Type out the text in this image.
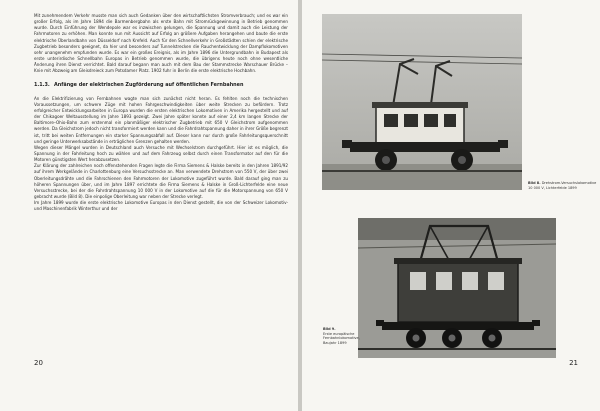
Mit zunehmendem Verkehr musste man sich auch Gedanken über den wirtschaftlichsten Stromverbrauch; und es war ein großer Erfolg, als im Jahre 1894 die Barmenbergbahn als erste Bahn mit Stromrückgewinnung in Betrieb genommen wurde. Durch Einführung der Wendepole war es inzwischen gelungen, die Spannung und damit auch die Leistung der Fahrmotoren zu erhöhen. Man konnte nun mit Aussicht auf Erfolg an größere Aufgaben herangehen und baute die erste elektrische Überlandbahn von Düsseldorf nach Krefeld. Auch für den Schnellverkehr in Großstädten schien der elektrische Zugbetrieb besonders geeignet, da hier und besonders auf Tunnelstrecken die Rauchentwicklung der Dampflokomotiven sehr unangenehm empfunden wurde. Es war ein großes Ereignis, als im Jahre 1896 die Untergrundbahn in Budapest als erste unterirdische Schnellbahn Europas in Betrieb genommen wurde, die übrigens heute noch ohne wesentliche Änderung ihren Dienst verrichtet. Bald darauf begann man auch mit dem Bau der Stammstrecke Warschauer Brücke – Knie mit Abzweig am Gleisdreieck zum Potsdamer Platz. 1902 fuhr in Berlin die erste elektrische Hochbahn.

1.1.3. Anfänge der elektrischen Zugförderung auf öffentlichen Fernbahnen

An die Elektrifizierung von Fernbahnen wagte man sich zunächst nicht heran. Es fehlten noch die technischen Voraussetzungen, um schwere Züge mit hohen Fahrgeschwindigkeiten über weite Strecken zu befördern. Trotz erfolgreicher Entwicklungsarbeiten in Europa wurden die ersten elektrischen Lokomotiven in Amerika hergestellt und auf der Chikagoer Weltausstellung im Jahre 1893 gezeigt. Zwei Jahre später konnte auf einer 2,4 km langen Strecke der Baltimore–Ohio-Bahn zum erstenmal ein planmäßiger elektrischer Zugbetrieb mit 650 V Gleichstrom aufgenommen werden. Da Gleichstrom jedoch nicht transformiert werden kann und die Fahrdrahtspannung daher in ihrer Größe begrenzt ist, tritt bei weiten Entfernungen ein starker Spannungsabfall auf. Dieser kann nur durch große Fahrleitungsquerschnitt und geringe Unterwerksabstände in erträglichen Grenzen gehalten werden.

Wegen dieser Mängel wurden in Deutschland auch Versuche mit Wechselstrom durchgeführt. Hier ist es möglich, die Spannung in der Fahrleitung hoch zu wählen und auf dem Fahrzeug selbst durch einen Transformator auf den für die Motoren günstigsten Wert herabzusetzen.

Zur Klärung der zahlreichen noch offenstehenden Fragen legte die Firma Siemens & Halske bereits in den Jahren 1891/92 auf ihrem Werkgelände in Charlottenburg eine Versuchsstrecke an. Man verwendete Drehstrom von 550 V, der über zwei Oberleitungsdrähte und die Fahrschienen den Fahrmotoren der Lokomotive zugeführt wurde. Bald darauf ging man zu höheren Spannungen über, und im Jahre 1897 errichtete die Firma Siemens & Halske in Groß-Lichterfelde eine neue Versuchsstrecke, bei der die Fahrdrahtspannung 10 000 V in der Lokomotive auf die für die Motorspannung von 650 V gebracht wurde (Bild 8). Die einpolige Oberleitung war neben der Strecke verlegt.

Im Jahre 1899 wurde die erste elektrische Lokomotive Europas in den Dienst gestellt, die von der Schweizer Lokomotiv- und Maschinenfabrik Winterthur und der

20
Bild 8. Drehstrom-Versuchslokomotive 10 000 V, Lichterfelde 1899
Bild 9.
Erste europäische Fernbahnlokomotive, Baujahr 1899
21
